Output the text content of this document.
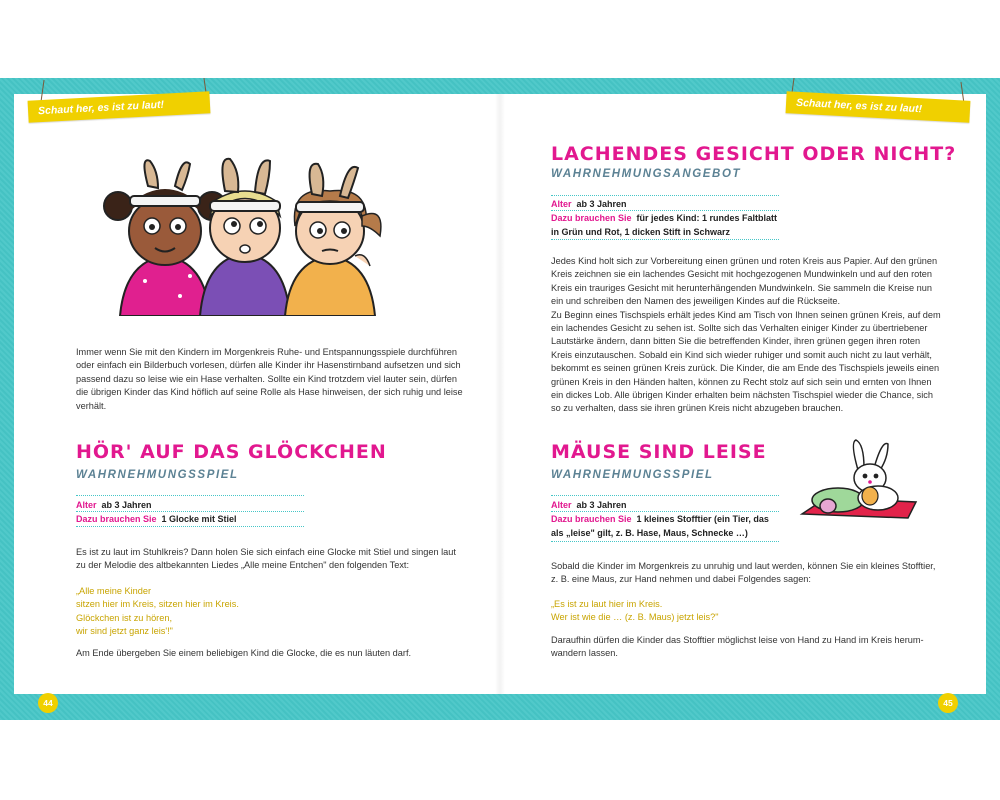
Schaut her, es ist zu laut!	Schaut her, es ist zu laut!
Immer wenn Sie mit den Kindern im Morgenkreis Ruhe- und Entspannungsspiele durchführen
oder einfach ein Bilderbuch vorlesen, dürfen alle Kinder ihr Hasenstirnband aufsetzen und sich
passend dazu so leise wie ein Hase verhalten. Sollte ein Kind trotzdem viel lauter sein, dürfen
die übrigen Kinder das Kind höflich auf seine Rolle als Hase hinweisen, der sich ruhig und leise
verhält.
HÖR' AUF DAS GLÖCKCHEN
WAHRNEHMUNGSSPIEL
Alter ab 3 Jahren
Dazu brauchen Sie 1 Glocke mit Stiel
Es ist zu laut im Stuhlkreis? Dann holen Sie sich einfach eine Glocke mit Stiel und singen laut
zu der Melodie des altbekannten Liedes „Alle meine Entchen" den folgenden Text:
„Alle meine Kinder
sitzen hier im Kreis, sitzen hier im Kreis.
Glöckchen ist zu hören,
wir sind jetzt ganz leis'!"
Am Ende übergeben Sie einem beliebigen Kind die Glocke, die es nun läuten darf.
LACHENDES GESICHT ODER NICHT?
WAHRNEHMUNGSANGEBOT
Alter ab 3 Jahren
Dazu brauchen Sie für jedes Kind: 1 rundes Faltblatt
in Grün und Rot, 1 dicken Stift in Schwarz
Jedes Kind holt sich zur Vorbereitung einen grünen und roten Kreis aus Papier. Auf den grünen
Kreis zeichnen sie ein lachendes Gesicht mit hochgezogenen Mundwinkeln und auf den roten
Kreis ein trauriges Gesicht mit herunterhängenden Mundwinkeln. Sie sammeln die Kreise nun
ein und schreiben den Namen des jeweiligen Kindes auf die Rückseite.
Zu Beginn eines Tischspiels erhält jedes Kind am Tisch von Ihnen seinen grünen Kreis, auf dem
ein lachendes Gesicht zu sehen ist. Sollte sich das Verhalten einiger Kinder zu übertriebener
Lautstärke ändern, dann bitten Sie die betreffenden Kinder, ihren grünen gegen ihren roten
Kreis einzutauschen. Sobald ein Kind sich wieder ruhiger und somit auch nicht zu laut verhält,
bekommt es seinen grünen Kreis zurück. Die Kinder, die am Ende des Tischspiels jeweils einen
grünen Kreis in den Händen halten, können zu Recht stolz auf sich sein und ernten von Ihnen
ein dickes Lob. Alle übrigen Kinder erhalten beim nächsten Tischspiel wieder die Chance, sich
so zu verhalten, dass sie ihren grünen Kreis nicht abzugeben brauchen.
MÄUSE SIND LEISE
WAHRNEHMUNGSSPIEL
Alter ab 3 Jahren
Dazu brauchen Sie 1 kleines Stofftier (ein Tier, das
als „leise" gilt, z. B. Hase, Maus, Schnecke …)
Sobald die Kinder im Morgenkreis zu unruhig und laut werden, können Sie ein kleines Stofftier,
z. B. eine Maus, zur Hand nehmen und dabei Folgendes sagen:
„Es ist zu laut hier im Kreis.
Wer ist wie die … (z. B. Maus) jetzt leis?"
Daraufhin dürfen die Kinder das Stofftier möglichst leise von Hand zu Hand im Kreis herum-
wandern lassen.
44	45
